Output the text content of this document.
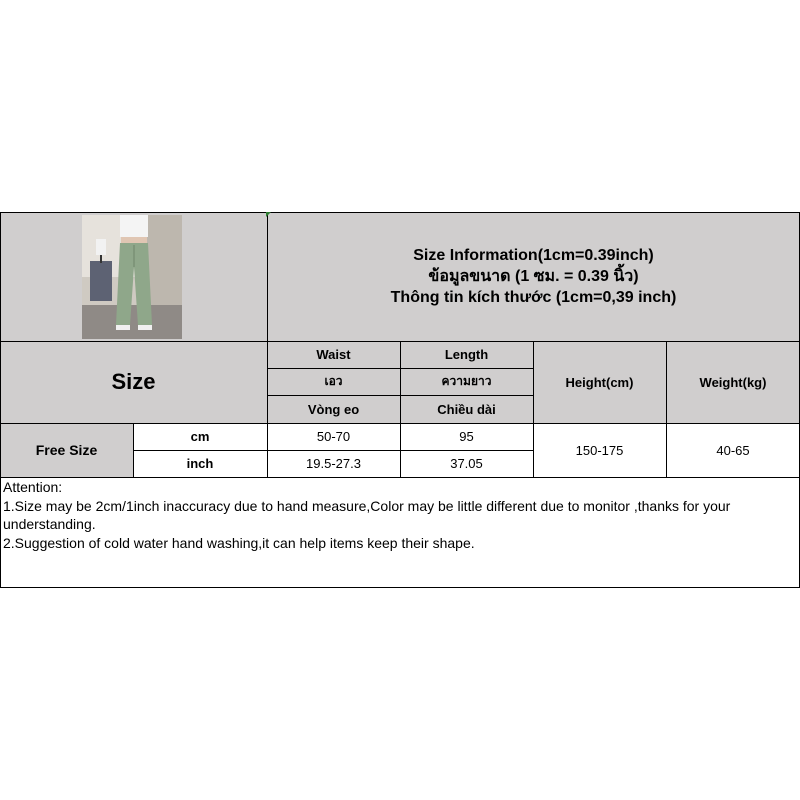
Size Information(1cm=0.39inch)
ข้อมูลขนาด (1 ซม. = 0.39 นิ้ว)
Thông tin kích thước (1cm=0,39 inch)
Size
Waist
เอว
Vòng eo
Length
ความยาว
Chiều dài
Height(cm)	Weight(kg)
Free Size
cm
inch
50-70
19.5-27.3
95
37.05
150-175	40-65
Attention:
1.Size may be 2cm/1inch inaccuracy due to hand measure,Color may be little different due to monitor ,thanks for your understanding.
2.Suggestion of cold water hand washing,it can help items keep their shape.
